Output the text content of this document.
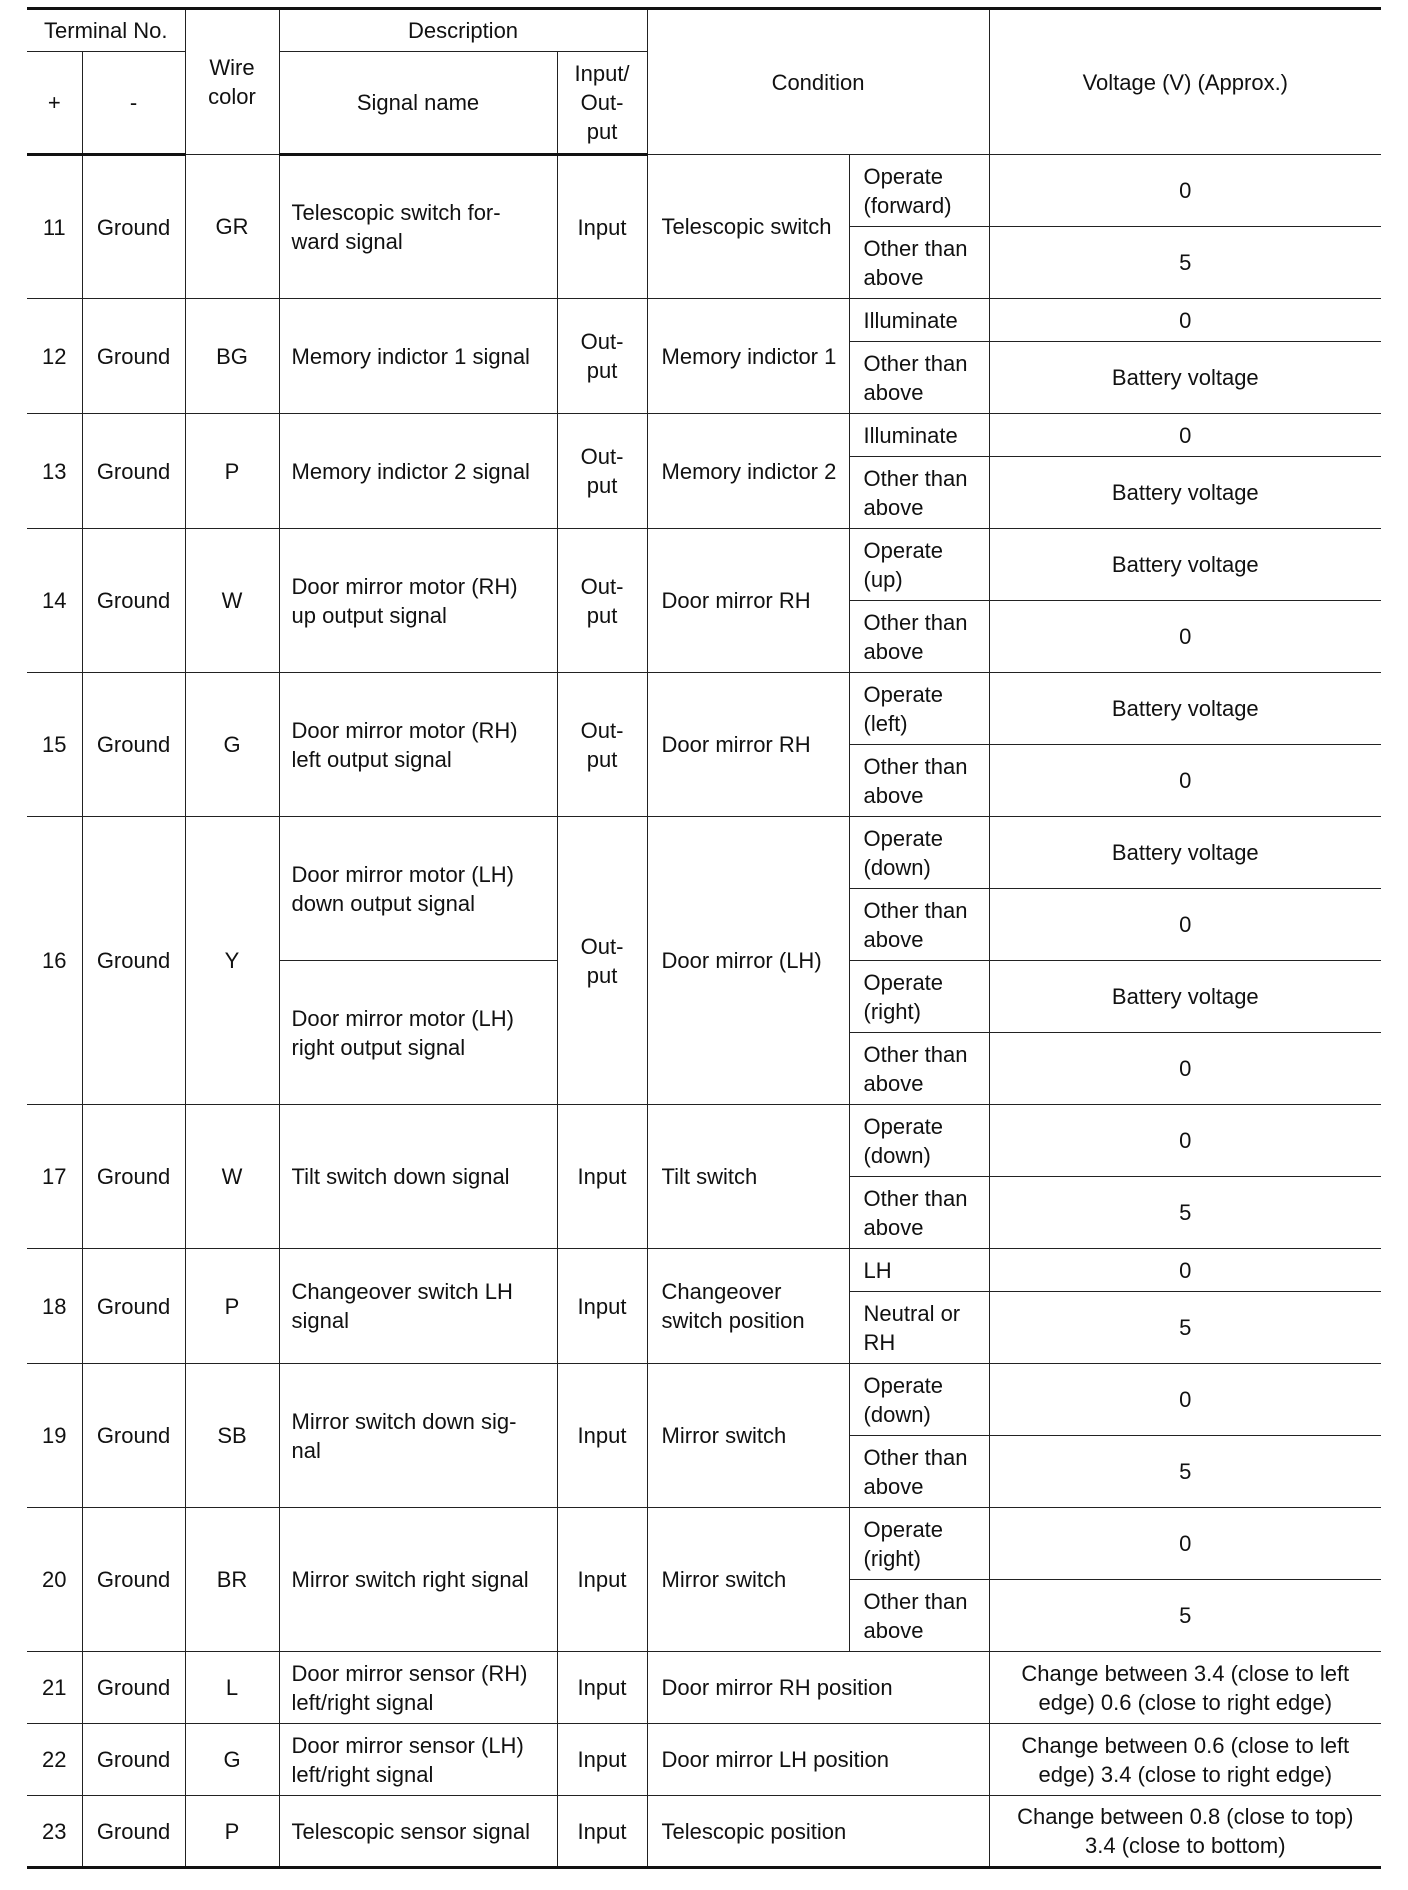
Terminal No.		Wire color	Description		Condition		Voltage (V) (Approx.)
+	-		Signal name	Input/ Out- put			
11	Ground	GR	Telescopic switch for- ward signal	Input	Telescopic switch	Operate (forward)	0
						Other than above	5
12	Ground	BG	Memory indictor 1 signal	Out- put	Memory indictor 1	Illuminate	0
						Other than above	Battery voltage
13	Ground	P	Memory indictor 2 signal	Out- put	Memory indictor 2	Illuminate	0
						Other than above	Battery voltage
14	Ground	W	Door mirror motor (RH) up output signal	Out- put	Door mirror RH	Operate (up)	Battery voltage
						Other than above	0
15	Ground	G	Door mirror motor (RH) left output signal	Out- put	Door mirror RH	Operate (left)	Battery voltage
						Other than above	0
16	Ground	Y	Door mirror motor (LH) down output signal	Out- put	Door mirror (LH)	Operate (down)	Battery voltage
						Other than above	0
			Door mirror motor (LH) right output signal			Operate (right)	Battery voltage
						Other than above	0
17	Ground	W	Tilt switch down signal	Input	Tilt switch	Operate (down)	0
						Other than above	5
18	Ground	P	Changeover switch LH signal	Input	Changeover switch position	LH	0
						Neutral or RH	5
19	Ground	SB	Mirror switch down sig- nal	Input	Mirror switch	Operate (down)	0
						Other than above	5
20	Ground	BR	Mirror switch right signal	Input	Mirror switch	Operate (right)	0
						Other than above	5
21	Ground	L	Door mirror sensor (RH) left/right signal	Input	Door mirror RH position		Change between 3.4 (close to left edge) 0.6 (close to right edge)
22	Ground	G	Door mirror sensor (LH) left/right signal	Input	Door mirror LH position		Change between 0.6 (close to left edge) 3.4 (close to right edge)
23	Ground	P	Telescopic sensor signal	Input	Telescopic position		Change between 0.8 (close to top) 3.4 (close to bottom)
